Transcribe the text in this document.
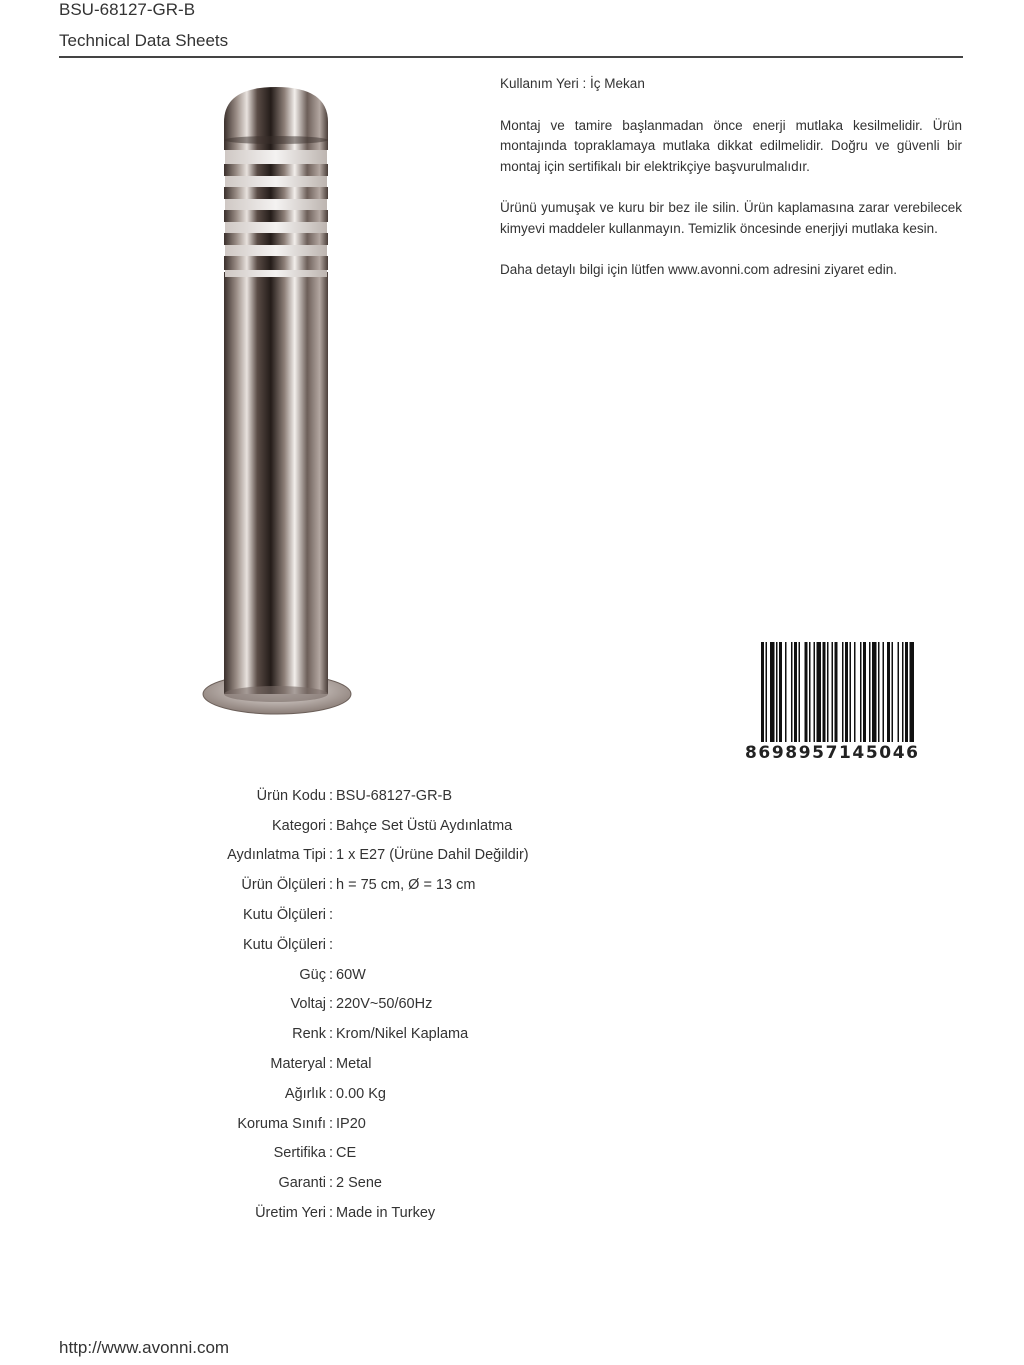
BSU-68127-GR-B
Technical Data Sheets

Kullanım Yeri : İç Mekan

Montaj ve tamire başlanmadan önce enerji mutlaka kesilmelidir. Ürün montajında topraklamaya mutlaka dikkat edilmelidir. Doğru ve güvenli bir montaj için sertifikalı bir elektrikçiye başvurulmalıdır.

Ürünü yumuşak ve kuru bir bez ile silin. Ürün kaplamasına zarar verebilecek kimyevi maddeler kullanmayın. Temizlik öncesinde enerjiyi mutlaka kesin.

Daha detaylı bilgi için lütfen www.avonni.com adresini ziyaret edin.

8698957145046
Ürün Kodu : BSU-68127-GR-B
Kategori : Bahçe Set Üstü Aydınlatma
Aydınlatma Tipi : 1 x E27 (Ürüne Dahil Değildir)
Ürün Ölçüleri : h = 75 cm, Ø = 13 cm
Kutu Ölçüleri :
Kutu Ölçüleri :
Güç : 60W
Voltaj : 220V~50/60Hz
Renk : Krom/Nikel Kaplama
Materyal : Metal
Ağırlık : 0.00 Kg
Koruma Sınıfı : IP20
Sertifika : CE
Garanti : 2 Sene
Üretim Yeri : Made in Turkey
http://www.avonni.com
